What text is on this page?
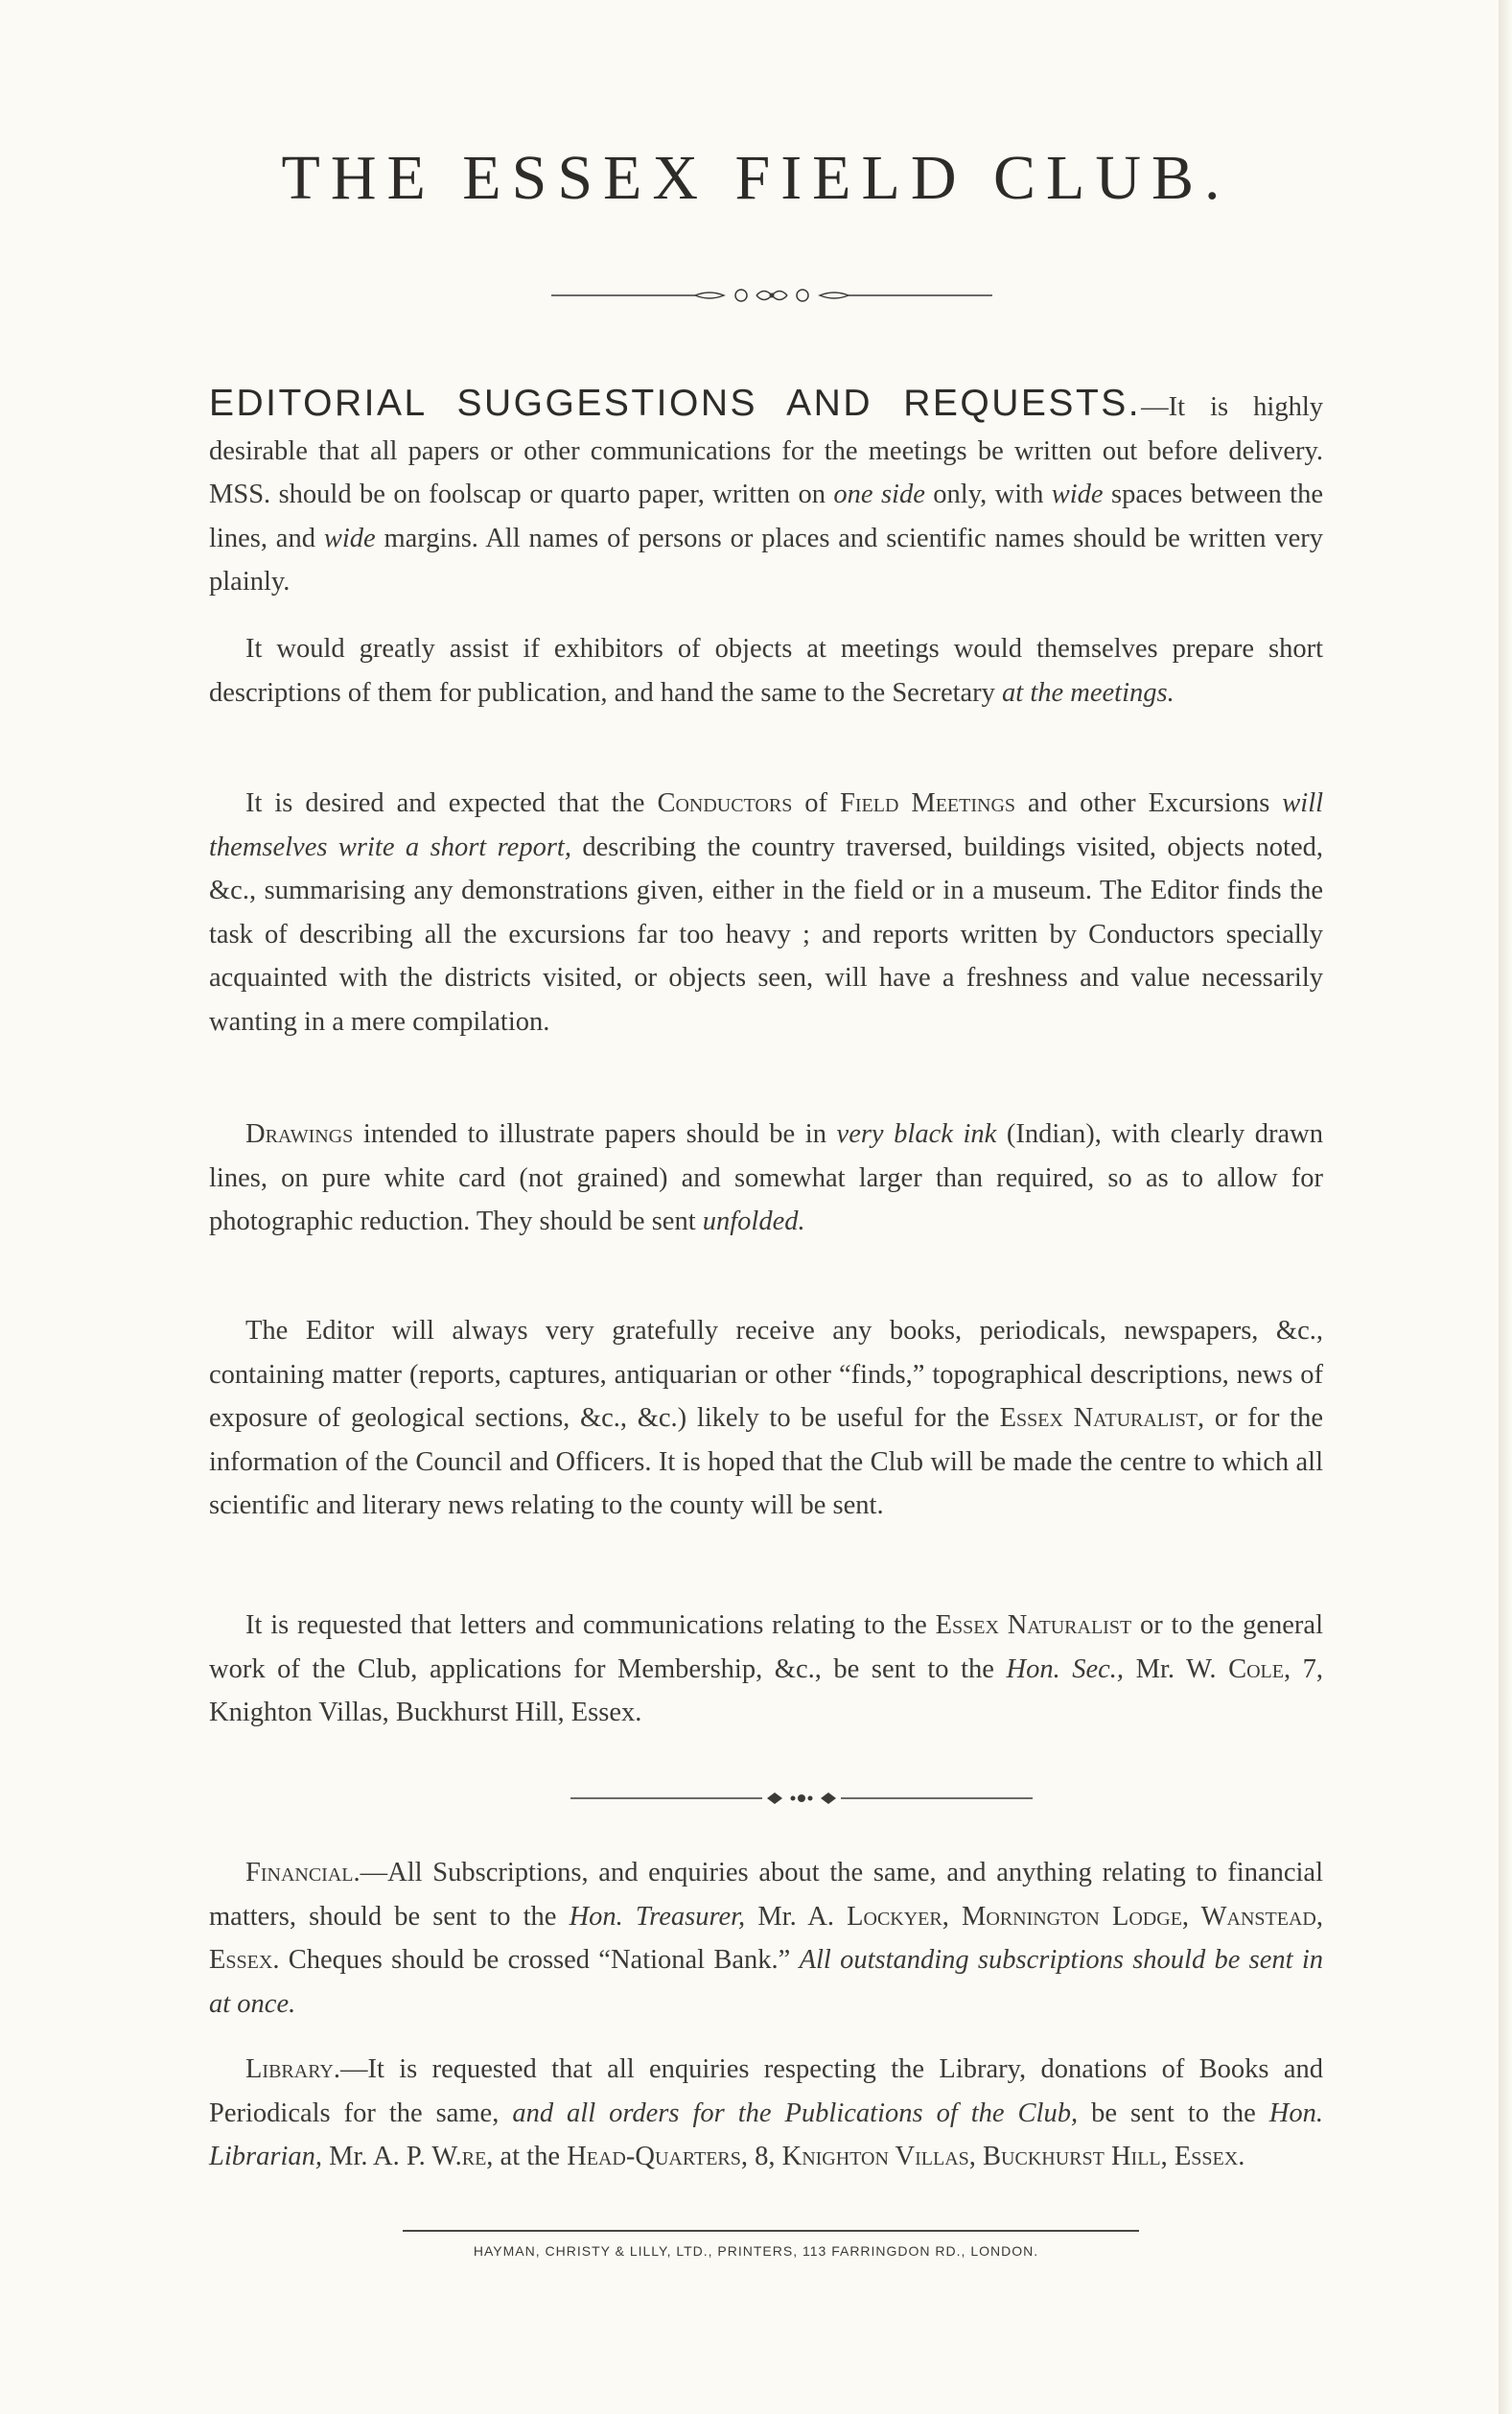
THE ESSEX FIELD CLUB.

EDITORIAL SUGGESTIONS AND REQUESTS.—It is highly desirable that all papers or other communications for the meetings be written out before delivery. MSS. should be on foolscap or quarto paper, written on one side only, with wide spaces between the lines, and wide margins. All names of persons or places and scientific names should be written very plainly.

It would greatly assist if exhibitors of objects at meetings would themselves prepare short descriptions of them for publication, and hand the same to the Secretary at the meetings.

It is desired and expected that the Conductors of Field Meetings and other Excursions will themselves write a short report, describing the country traversed, buildings visited, objects noted, &c., summarising any demonstrations given, either in the field or in a museum. The Editor finds the task of describing all the excursions far too heavy ; and reports written by Conductors specially acquainted with the districts visited, or objects seen, will have a freshness and value necessarily wanting in a mere compilation.

Drawings intended to illustrate papers should be in very black ink (Indian), with clearly drawn lines, on pure white card (not grained) and somewhat larger than required, so as to allow for photographic reduction. They should be sent unfolded.

The Editor will always very gratefully receive any books, periodicals, newspapers, &c., containing matter (reports, captures, antiquarian or other “finds,” topographical descriptions, news of exposure of geological sections, &c., &c.) likely to be useful for the Essex Naturalist, or for the information of the Council and Officers. It is hoped that the Club will be made the centre to which all scientific and literary news relating to the county will be sent.

It is requested that letters and communications relating to the Essex Naturalist or to the general work of the Club, applications for Membership, &c., be sent to the Hon. Sec., Mr. W. Cole, 7, Knighton Villas, Buckhurst Hill, Essex.

Financial.—All Subscriptions, and enquiries about the same, and anything relating to financial matters, should be sent to the Hon. Treasurer, Mr. A. Lockyer, Mornington Lodge, Wanstead, Essex. Cheques should be crossed “National Bank.” All outstanding subscriptions should be sent in at once.

Library.—It is requested that all enquiries respecting the Library, donations of Books and Periodicals for the same, and all orders for the Publications of the Club, be sent to the Hon. Librarian, Mr. A. P. W.re, at the Head-Quarters, 8, Knighton Villas, Buckhurst Hill, Essex.

HAYMAN, CHRISTY & LILLY, LTD., PRINTERS, 113 FARRINGDON RD., LONDON.
